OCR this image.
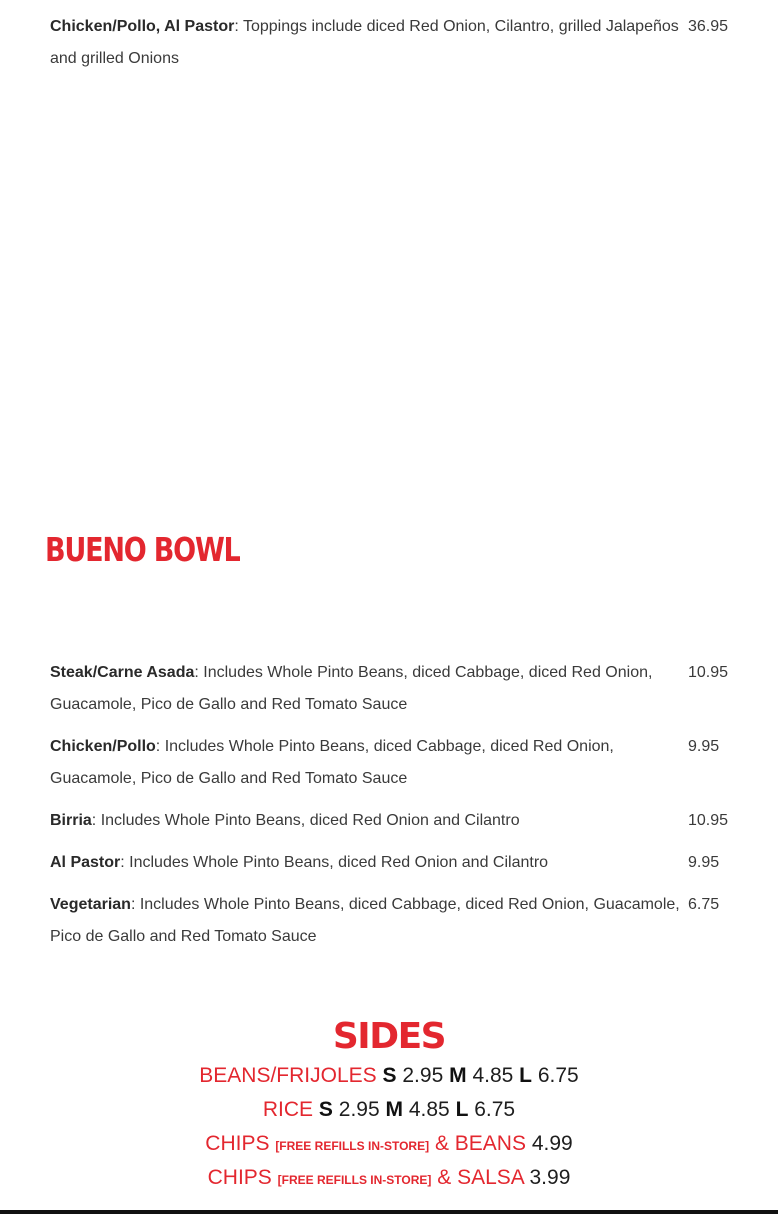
Chicken/Pollo, Al Pastor: Toppings include diced Red Onion, Cilantro, grilled Jalapeños and grilled Onions
36.95
BUENO BOWL
Steak/Carne Asada: Includes Whole Pinto Beans, diced Cabbage, diced Red Onion, Guacamole, Pico de Gallo and Red Tomato Sauce
10.95
Chicken/Pollo: Includes Whole Pinto Beans, diced Cabbage, diced Red Onion, Guacamole, Pico de Gallo and Red Tomato Sauce
9.95
Birria: Includes Whole Pinto Beans, diced Red Onion and Cilantro	10.95
Al Pastor: Includes Whole Pinto Beans, diced Red Onion and Cilantro	9.95
Vegetarian: Includes Whole Pinto Beans, diced Cabbage, diced Red Onion, Guacamole, Pico de Gallo and Red Tomato Sauce
6.75
SIDES
BEANS/FRIJOLES S 2.95 M 4.85 L 6.75
RICE S 2.95 M 4.85 L 6.75
CHIPS [FREE REFILLS IN-STORE] & BEANS 4.99
CHIPS [FREE REFILLS IN-STORE] & SALSA 3.99
